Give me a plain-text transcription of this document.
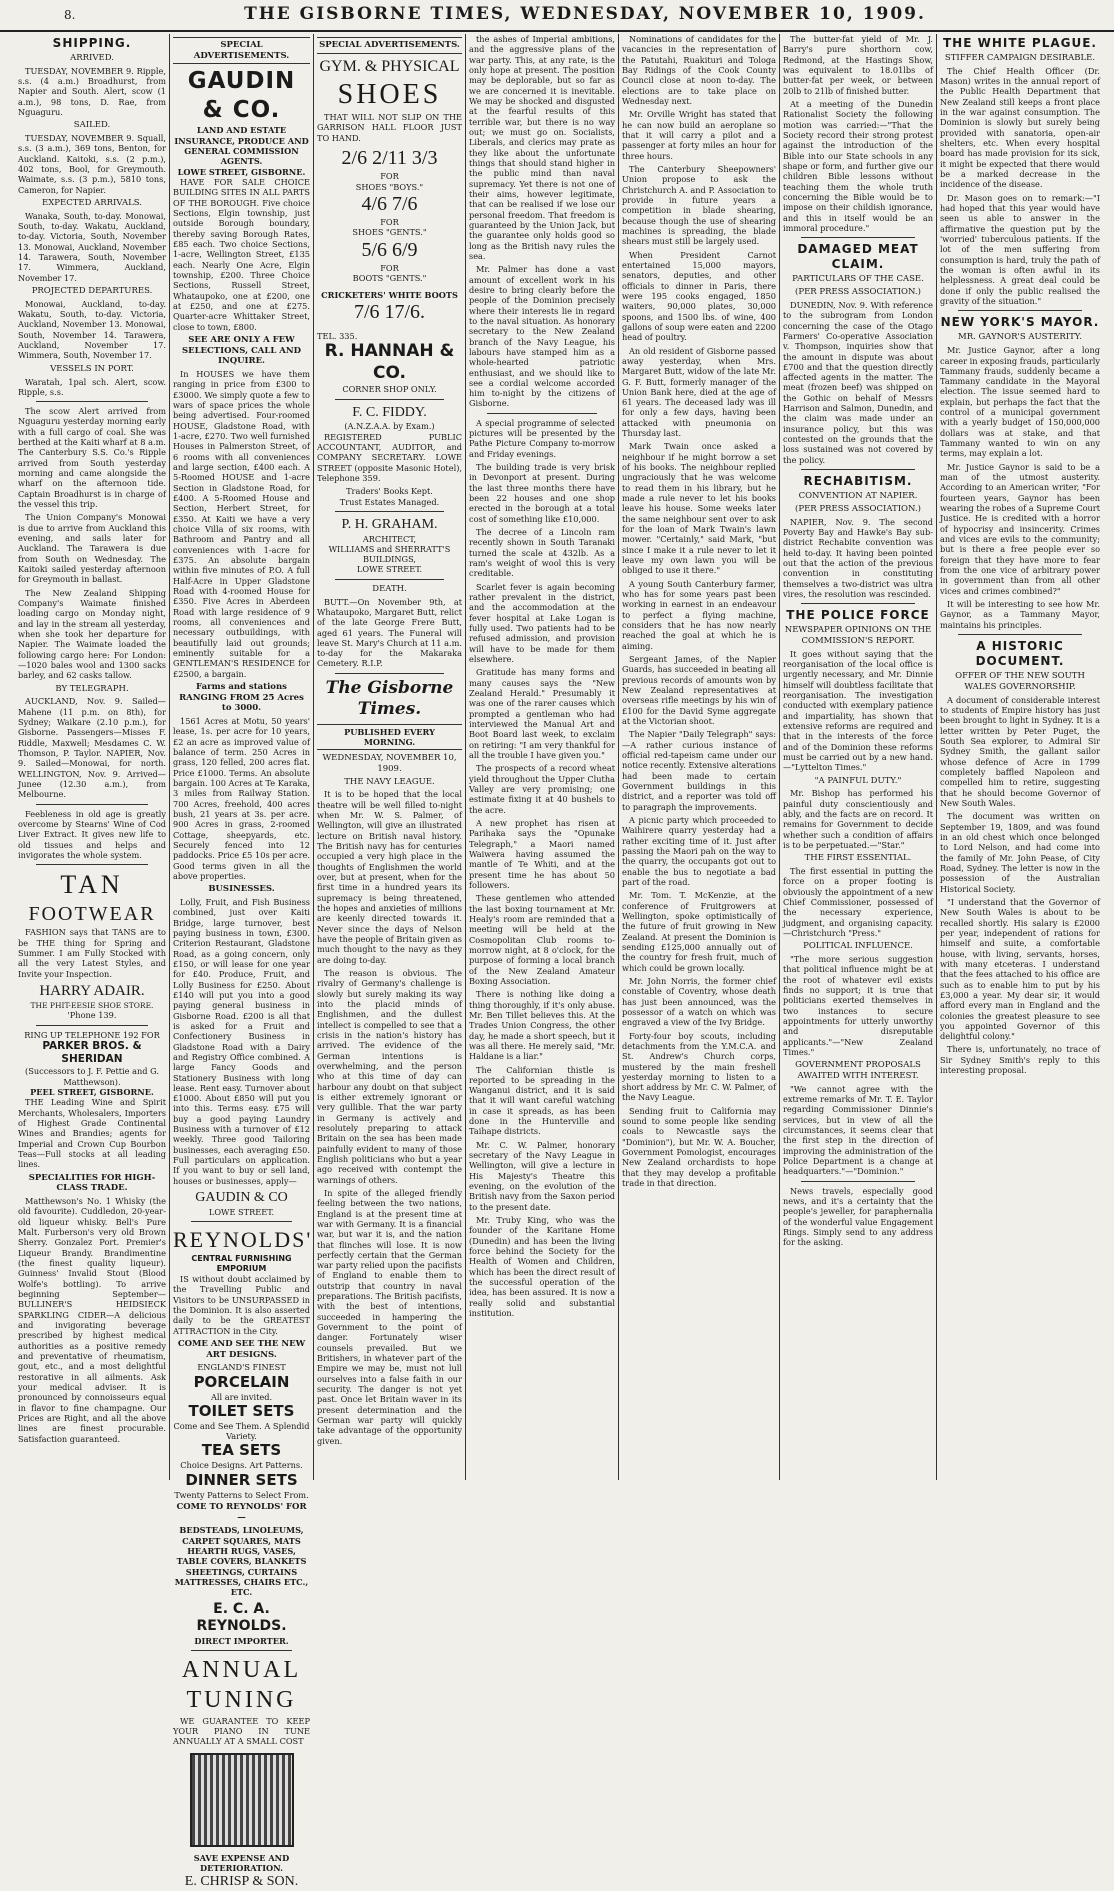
8.	THE GISBORNE TIMES, WEDNESDAY, NOVEMBER 10, 1909.
SHIPPING.
ARRIVED.

TUESDAY, NOVEMBER 9. Ripple, s.s. (4 a.m.) Broadhurst, from Napier and South. Alert, scow (1 a.m.), 98 tons, D. Rae, from Nguaguru.

SAILED.

TUESDAY, NOVEMBER 9. Squall, s.s. (3 a.m.), 369 tons, Benton, for Auckland. Kaitoki, s.s. (2 p.m.), 402 tons, Bool, for Greymouth. Waimate, s.s. (3 p.m.), 5810 tons, Cameron, for Napier.

EXPECTED ARRIVALS.

Wanaka, South, to-day. Monowai, South, to-day. Wakatu, Auckland, to-day. Victoria, South, November 13. Monowai, Auckland, November 14. Tarawera, South, November 17. Wimmera, Auckland, November 17.

PROJECTED DEPARTURES.

Monowai, Auckland, to-day. Wakatu, South, to-day. Victoria, Auckland, November 13. Monowai, South, November 14. Tarawera, Auckland, November 17. Wimmera, South, November 17.

VESSELS IN PORT.

Waratah, 1pal sch. Alert, scow. Ripple, s.s.

The scow Alert arrived from Nguaguru yesterday morning early with a full cargo of coal. She was berthed at the Kaiti wharf at 8 a.m. The Canterbury S.S. Co.'s Ripple arrived from South yesterday morning and came alongside the wharf on the afternoon tide. Captain Broadhurst is in charge of the vessel this trip.

The Union Company's Monowai is due to arrive from Auckland this evening, and sails later for Auckland. The Tarawera is due from South on Wednesday. The Kaitoki sailed yesterday afternoon for Greymouth in ballast.

The New Zealand Shipping Company's Waimate finished loading cargo on Monday night, and lay in the stream all yesterday, when she took her departure for Napier. The Waimate loaded the following cargo here: For London:—1020 bales wool and 1300 sacks barley, and 62 casks tallow.

BY TELEGRAPH.

AUCKLAND, Nov. 9. Sailed—Mahene (11 p.m. on 8th), for Sydney; Waikare (2.10 p.m.), for Gisborne. Passengers—Misses F. Riddle, Maxwell; Mesdames C. W. Thomson, P. Taylor. NAPIER, Nov. 9. Sailed—Monowai, for north. WELLINGTON, Nov. 9. Arrived—Junee (12.30 a.m.), from Melbourne.

Feebleness in old age is greatly overcome by Stearns' Wine of Cod Liver Extract. It gives new life to old tissues and helps and invigorates the whole system.

TAN
FOOTWEAR

FASHION says that TANS are to be THE thing for Spring and Summer. I am Fully Stocked with all the very Latest Styles, and Invite your Inspection.

HARRY ADAIR.
THE PHIT-EESIE SHOE STORE.
'Phone 139.
RING UP TELEPHONE 192 FOR
PARKER BROS. & SHERIDAN
(Successors to J. F. Pettie and G. Matthewson).
PEEL STREET, GISBORNE.

THE Leading Wine and Spirit Merchants, Wholesalers, Importers of Highest Grade Continental Wines and Brandies; agents for Imperial and Crown Cup Bourbon Teas—Full stocks at all leading lines.

SPECIALITIES FOR HIGH-CLASS TRADE.

Matthewson's No. 1 Whisky (the old favourite). Cuddledon, 20-year-old liqueur whisky. Bell's Pure Malt. Furberson's very old Brown Sherry. Gonzalez Port. Premier's Liqueur Brandy. Brandimentine (the finest quality liqueur). Guinness' Invalid Stout (Blood Wolfe's bottling). To arrive beginning September—BULLINER'S HEIDSIECK SPARKLING CIDER—A delicious and invigorating beverage prescribed by highest medical authorities as a positive remedy and preventative of rheumatism, gout, etc., and a most delightful restorative in all ailments. Ask your medical adviser. It is pronounced by connoisseurs equal in flavor to fine champagne. Our Prices are Right, and all the above lines are finest procurable. Satisfaction guaranteed.

SPECIAL ADVERTISEMENTS.
GAUDIN & CO.
LAND AND ESTATE INSURANCE, PRODUCE AND GENERAL COMMISSION AGENTS.
LOWE STREET, GISBORNE.

HAVE FOR SALE CHOICE BUILDING SITES IN ALL PARTS OF THE BOROUGH. Five choice Sections, Elgin township, just outside Borough boundary, thereby saving Borough Rates, £85 each. Two choice Sections, 1-acre, Wellington Street, £135 each. Nearly One Acre, Elgin township, £200. Three Choice Sections, Russell Street, Whataupoko, one at £200, one at £250, and one at £275. Quarter-acre Whittaker Street, close to town, £800.

SEE ARE ONLY A FEW SELECTIONS, CALL AND INQUIRE.

In HOUSES we have them ranging in price from £300 to £3000. We simply quote a few to wars of space prices the whole being advertised. Four-roomed HOUSE, Gladstone Road, with 1-acre, £270. Two well furnished Houses in Palmerston Street, of 6 rooms with all conveniences and large section, £400 each. A 5-Roomed HOUSE and 1-acre Section in Gladstone Road, for £400. A 5-Roomed House and Section, Herbert Street, for £350. At Kaiti we have a very choice Villa of six rooms, with Bathroom and Pantry and all conveniences with 1-acre for £375. An absolute bargain within five minutes of P.O. A full Half-Acre in Upper Gladstone Road with 4-roomed House for £350. Five Acres in Aberdeen Road with large residence of 9 rooms, all conveniences and necessary outbuildings, with beautifully laid out grounds; eminently suitable for a GENTLEMAN'S RESIDENCE for £2500, a bargain.

Farms and stations RANGING FROM 25 Acres to 3000.

1561 Acres at Motu, 50 years' lease, 1s. per acre for 10 years, £2 an acre as improved value of balance of term. 250 Acres in grass, 120 felled, 200 acres flat. Price £1000. Terms. An absolute bargain. 100 Acres at Te Karaka, 3 miles from Railway Station. 700 Acres, freehold, 400 acres bush, 21 years at 3s. per acre. 900 Acres in grass, 2-roomed Cottage, sheepyards, etc. Securely fenced into 12 paddocks. Price £5 10s per acre. Good terms given in all the above properties.

BUSINESSES.

Lolly, Fruit, and Fish Business combined, just over Kaiti Bridge, large turnover, best paying business in town, £300. Criterion Restaurant, Gladstone Road, as a going concern, only £150, or will lease for one year for £40. Produce, Fruit, and Lolly Business for £250. About £140 will put you into a good paying general business in Gisborne Road. £200 is all that is asked for a Fruit and Confectionery Business in Gladstone Road with a Dairy and Registry Office combined. A large Fancy Goods and Stationery Business with long lease. Rent easy. Turnover about £1000. About £850 will put you into this. Terms easy. £75 will buy a good paying Laundry Business with a turnover of £12 weekly. Three good Tailoring businesses, each averaging £50. Full particulars on application. If you want to buy or sell land, houses or businesses, apply—

GAUDIN & CO
LOWE STREET.
REYNOLDS'
CENTRAL FURNISHING EMPORIUM

IS without doubt acclaimed by the Travelling Public and Visitors to be UNSURPASSED in the Dominion. It is also asserted daily to be the GREATEST ATTRACTION in the City.

COME AND SEE THE NEW ART DESIGNS.
ENGLAND'S FINEST
PORCELAIN
All are invited.
TOILET SETS
Come and See Them. A Splendid Variety.
TEA SETS
Choice Designs. Art Patterns.
DINNER SETS
Twenty Patterns to Select From.
COME TO REYNOLDS' FOR—
BEDSTEADS, LINOLEUMS, CARPET SQUARES, MATS HEARTH RUGS, VASES, TABLE COVERS, BLANKETS SHEETINGS, CURTAINS MATTRESSES, CHAIRS ETC., ETC.
E. C. A. REYNOLDS.
DIRECT IMPORTER.
ANNUAL
TUNING

WE GUARANTEE TO KEEP YOUR PIANO IN TUNE ANNUALLY AT A SMALL COST

SAVE EXPENSE AND DETERIORATION.
E. CHRISP & SON.
SPECIAL ADVERTISEMENTS.
GYM. & PHYSICAL
SHOES

THAT WILL NOT SLIP ON THE GARRISON HALL FLOOR JUST TO HAND.

2/6 2/11 3/3
FOR
SHOES "BOYS."
4/6 7/6
FOR
SHOES "GENTS."
5/6 6/9
FOR
BOOTS "GENTS."
CRICKETERS' WHITE BOOTS
7/6 17/6.
TEL. 335.
R. HANNAH & CO.
CORNER SHOP ONLY.
F. C. FIDDY.
(A.N.Z.A.A. by Exam.)

REGISTERED PUBLIC ACCOUNTANT, AUDITOR, and COMPANY SECRETARY. LOWE STREET (opposite Masonic Hotel), Telephone 359.

Traders' Books Kept.
Trust Estates Managed.
P. H. GRAHAM.
ARCHITECT,
WILLIAMS and SHERRATT'S BUILDINGS,
LOWE STREET.
DEATH.

BUTT.—On November 9th, at Whataupoko, Margaret Butt, relict of the late George Frere Butt, aged 61 years. The Funeral will leave St. Mary's Church at 11 a.m. to-day for the Makaraka Cemetery. R.I.P.

The Gisborne Times.
PUBLISHED EVERY MORNING.
WEDNESDAY, NOVEMBER 10, 1909.
THE NAVY LEAGUE.

It is to be hoped that the local theatre will be well filled to-night when Mr. W. S. Palmer, of Wellington, will give an illustrated lecture on British naval history. The British navy has for centuries occupied a very high place in the thoughts of Englishmen the world over, but at present, when for the first time in a hundred years its supremacy is being threatened, the hopes and anxieties of millions are keenly directed towards it. Never since the days of Nelson have the people of Britain given as much thought to the navy as they are doing to-day.

The reason is obvious. The rivalry of Germany's challenge is slowly but surely making its way into the placid minds of Englishmen, and the dullest intellect is compelled to see that a crisis in the nation's history has arrived. The evidence of the German intentions is overwhelming, and the person who at this time of day can harbour any doubt on that subject is either extremely ignorant or very gullible. That the war party in Germany is actively and resolutely preparing to attack Britain on the sea has been made painfully evident to many of those English politicians who but a year ago received with contempt the warnings of others.

In spite of the alleged friendly feeling between the two nations, England is at the present time at war with Germany. It is a financial war, but war it is, and the nation that flinches will lose. It is now perfectly certain that the German war party relied upon the pacifists of England to enable them to outstrip that country in naval preparations. The British pacifists, with the best of intentions, succeeded in hampering the Government to the point of danger. Fortunately wiser counsels prevailed. But we Britishers, in whatever part of the Empire we may be, must not lull ourselves into a false faith in our security. The danger is not yet past. Once let Britain waver in its present determination and the German war party will quickly take advantage of the opportunity given.

the ashes of Imperial ambitions, and the aggressive plans of the war party. This, at any rate, is the only hope at present. The position may be deplorable, but so far as we are concerned it is inevitable. We may be shocked and disgusted at the fearful results of this terrible war, but there is no way out; we must go on. Socialists, Liberals, and clerics may prate as they like about the unfortunate things that should stand higher in the public mind than naval supremacy. Yet there is not one of their aims, however legitimate, that can be realised if we lose our personal freedom. That freedom is guaranteed by the Union Jack, but the guarantee only holds good so long as the British navy rules the sea.

Mr. Palmer has done a vast amount of excellent work in his desire to bring clearly before the people of the Dominion precisely where their interests lie in regard to the naval situation. As honorary secretary to the New Zealand branch of the Navy League, his labours have stamped him as a whole-hearted patriotic enthusiast, and we should like to see a cordial welcome accorded him to-night by the citizens of Gisborne.

A special programme of selected pictures will be presented by the Pathe Picture Company to-morrow and Friday evenings.

The building trade is very brisk in Devonport at present. During the last three months there have been 22 houses and one shop erected in the borough at a total cost of something like £10,000.

The decree of a Lincoln ram recently shown in South Taranaki turned the scale at 432lb. As a ram's weight of wool this is very creditable.

Scarlet fever is again becoming rather prevalent in the district, and the accommodation at the fever hospital at Lake Logan is fully used. Two patients had to be refused admission, and provision will have to be made for them elsewhere.

Gratitude has many forms and many causes says the "New Zealand Herald." Presumably it was one of the rarer causes which prompted a gentleman who had interviewed the Manual Art and Boot Board last week, to exclaim on retiring: "I am very thankful for all the trouble I have given you."

The prospects of a record wheat yield throughout the Upper Clutha Valley are very promising; one estimate fixing it at 40 bushels to the acre.

A new prophet has risen at Parihaka says the "Opunake Telegraph," a Maori named Waiwera having assumed the mantle of Te Whiti, and at the present time he has about 50 followers.

These gentlemen who attended the last boxing tournament at Mr. Healy's room are reminded that a meeting will be held at the Cosmopolitan Club rooms to-morrow night, at 8 o'clock, for the purpose of forming a local branch of the New Zealand Amateur Boxing Association.

There is nothing like doing a thing thoroughly, if it's only abuse. Mr. Ben Tillet believes this. At the Trades Union Congress, the other day, he made a short speech, but it was all there. He merely said, "Mr. Haldane is a liar."

The Californian thistle is reported to be spreading in the Wanganui district, and it is said that it will want careful watching in case it spreads, as has been done in the Hunterville and Taihape districts.

Mr. C. W. Palmer, honorary secretary of the Navy League in Wellington, will give a lecture in His Majesty's Theatre this evening, on the evolution of the British navy from the Saxon period to the present date.

Mr. Truby King, who was the founder of the Karitane Home (Dunedin) and has been the living force behind the Society for the Health of Women and Children, which has been the direct result of the successful operation of the idea, has been assured. It is now a really solid and substantial institution.

Nominations of candidates for the vacancies in the representation of the Patutahi, Ruakituri and Tologa Bay Ridings of the Cook County Council close at noon to-day. The elections are to take place on Wednesday next.

Mr. Orville Wright has stated that he can now build an aeroplane so that it will carry a pilot and a passenger at forty miles an hour for three hours.

The Canterbury Sheepowners' Union propose to ask the Christchurch A. and P. Association to provide in future years a competition in blade shearing, because though the use of shearing machines is spreading, the blade shears must still be largely used.

When President Carnot entertained 15,000 mayors, senators, deputies, and other officials to dinner in Paris, there were 195 cooks engaged, 1850 waiters, 90,000 plates, 30,000 spoons, and 1500 lbs. of wine, 400 gallons of soup were eaten and 2200 head of poultry.

An old resident of Gisborne passed away yesterday, when Mrs. Margaret Butt, widow of the late Mr. G. F. Butt, formerly manager of the Union Bank here, died at the age of 61 years. The deceased lady was ill for only a few days, having been attacked with pneumonia on Thursday last.

Mark Twain once asked a neighbour if he might borrow a set of his books. The neighbour replied ungraciously that he was welcome to read them in his library, but he made a rule never to let his books leave his house. Some weeks later the same neighbour sent over to ask for the loan of Mark Twain's lawn mower. "Certainly," said Mark, "but since I make it a rule never to let it leave my own lawn you will be obliged to use it there."

A young South Canterbury farmer, who has for some years past been working in earnest in an endeavour to perfect a flying machine, considers that he has now nearly reached the goal at which he is aiming.

Sergeant James, of the Napier Guards, has succeeded in beating all previous records of amounts won by New Zealand representatives at overseas rifle meetings by his win of £100 for the David Syme aggregate at the Victorian shoot.

The Napier "Daily Telegraph" says:—A rather curious instance of official red-tapeism came under our notice recently. Extensive alterations had been made to certain Government buildings in this district, and a reporter was told off to paragraph the improvements.

A picnic party which proceeded to Waihirere quarry yesterday had a rather exciting time of it. Just after passing the Maori pah on the way to the quarry, the occupants got out to enable the bus to negotiate a bad part of the road.

Mr. Tom. T. McKenzie, at the conference of Fruitgrowers at Wellington, spoke optimistically of the future of fruit growing in New Zealand. At present the Dominion is sending £125,000 annually out of the country for fresh fruit, much of which could be grown locally.

Mr. John Norris, the former chief constable of Coventry, whose death has just been announced, was the possessor of a watch on which was engraved a view of the Ivy Bridge.

Forty-four boy scouts, including detachments from the Y.M.C.A. and St. Andrew's Church corps, mustered by the main freshell yesterday morning to listen to a short address by Mr. C. W. Palmer, of the Navy League.

Sending fruit to California may sound to some people like sending coals to Newcastle says the "Dominion"), but Mr. W. A. Boucher, Government Pomologist, encourages New Zealand orchardists to hope that they may develop a profitable trade in that direction.

The butter-fat yield of Mr. J. Barry's pure shorthorn cow, Redmond, at the Hastings Show, was equivalent to 18.01lbs of butter-fat per week, or between 20lb to 21lb of finished butter.

At a meeting of the Dunedin Rationalist Society the following motion was carried:—"That the Society record their strong protest against the introduction of the Bible into our State schools in any shape or form, and further give our children Bible lessons without teaching them the whole truth concerning the Bible would be to impose on their childish ignorance, and this in itself would be an immoral procedure."

DAMAGED MEAT CLAIM.
PARTICULARS OF THE CASE.
(PER PRESS ASSOCIATION.)

DUNEDIN, Nov. 9. With reference to the subrogram from London concerning the case of the Otago Farmers' Co-operative Association v. Thompson, inquiries show that the amount in dispute was about £700 and that the question directly affected agents in the matter. The meat (frozen beef) was shipped on the Gothic on behalf of Messrs Harrison and Salmon, Dunedin, and the claim was made under an insurance policy, but this was contested on the grounds that the loss sustained was not covered by the policy.

RECHABITISM.
CONVENTION AT NAPIER.
(PER PRESS ASSOCIATION.)

NAPIER, Nov. 9. The second Poverty Bay and Hawke's Bay sub-district Rechabite convention was held to-day. It having been pointed out that the action of the previous convention in constituting themselves a two-district was ultra vires, the resolution was rescinded.

THE POLICE FORCE
NEWSPAPER OPINIONS ON THE COMMISSION'S REPORT.

It goes without saying that the reorganisation of the local office is urgently necessary, and Mr. Dinnie himself will doubtless facilitate that reorganisation. The investigation conducted with exemplary patience and impartiality, has shown that extensive reforms are required and that in the interests of the force and of the Dominion these reforms must be carried out by a new hand.—"Lyttelton Times."

"A PAINFUL DUTY."

Mr. Bishop has performed his painful duty conscientiously and ably, and the facts are on record. It remains for Government to decide whether such a condition of affairs is to be perpetuated.—"Star."

THE FIRST ESSENTIAL.

The first essential in putting the force on a proper footing is obviously the appointment of a new Chief Commissioner, possessed of the necessary experience, judgment, and organising capacity.—Christchurch "Press."

POLITICAL INFLUENCE.

"The more serious suggestion that political influence might be at the root of whatever evil exists finds no support; it is true that politicians exerted themselves in two instances to secure appointments for utterly unworthy and disreputable applicants."—"New Zealand Times."

GOVERNMENT PROPOSALS AWAITED WITH INTEREST.

"We cannot agree with the extreme remarks of Mr. T. E. Taylor regarding Commissioner Dinnie's services, but in view of all the circumstances, it seems clear that the first step in the direction of improving the administration of the Police Department is a change at headquarters."—"Dominion."

News travels, especially good news, and it's a certainty that the people's jeweller, for paraphernalia of the wonderful value Engagement Rings. Simply send to any address for the asking.

THE WHITE PLAGUE.
STIFFER CAMPAIGN DESIRABLE.

The Chief Health Officer (Dr. Mason) writes in the annual report of the Public Health Department that New Zealand still keeps a front place in the war against consumption. The Dominion is slowly but surely being provided with sanatoria, open-air shelters, etc. When every hospital board has made provision for its sick, it might be expected that there would be a marked decrease in the incidence of the disease.

Dr. Mason goes on to remark:—"I had hoped that this year would have seen us able to answer in the affirmative the question put by the 'worried' tuberculous patients. If the lot of the men suffering from consumption is hard, truly the path of the woman is often awful in its helplessness. A great deal could be done if only the public realised the gravity of the situation."

NEW YORK'S MAYOR.
MR. GAYNOR'S AUSTERITY.

Mr. Justice Gaynor, after a long career in exposing frauds, particularly Tammany frauds, suddenly became a Tammany candidate in the Mayoral election. The issue seemed hard to explain, but perhaps the fact that the control of a municipal government with a yearly budget of 150,000,000 dollars was at stake, and that Tammany wanted to win on any terms, may explain a lot.

Mr. Justice Gaynor is said to be a man of the utmost austerity. According to an American writer, "For fourteen years, Gaynor has been wearing the robes of a Supreme Court Justice. He is credited with a horror of hypocrisy and insincerity. Crimes and vices are evils to the community; but is there a free people ever so foreign that they have more to fear from the one vice of arbitrary power in government than from all other vices and crimes combined?"

It will be interesting to see how Mr. Gaynor, as a Tammany Mayor, maintains his principles.

A HISTORIC DOCUMENT.
OFFER OF THE NEW SOUTH WALES GOVERNORSHIP.

A document of considerable interest to students of Empire history has just been brought to light in Sydney. It is a letter written by Peter Puget, the South Sea explorer, to Admiral Sir Sydney Smith, the gallant sailor whose defence of Acre in 1799 completely baffled Napoleon and compelled him to retire, suggesting that he should become Governor of New South Wales.

The document was written on September 19, 1809, and was found in an old chest which once belonged to Lord Nelson, and had come into the family of Mr. John Pease, of City Road, Sydney. The letter is now in the possession of the Australian Historical Society.

"I understand that the Governor of New South Wales is about to be recalled shortly. His salary is £2000 per year, independent of rations for himself and suite, a comfortable house, with living, servants, horses, with many etceteras. I understand that the fees attached to his office are such as to enable him to put by his £3,000 a year. My dear sir, it would afford every man in England and the colonies the greatest pleasure to see you appointed Governor of this delightful colony."

There is, unfortunately, no trace of Sir Sydney Smith's reply to this interesting proposal.
